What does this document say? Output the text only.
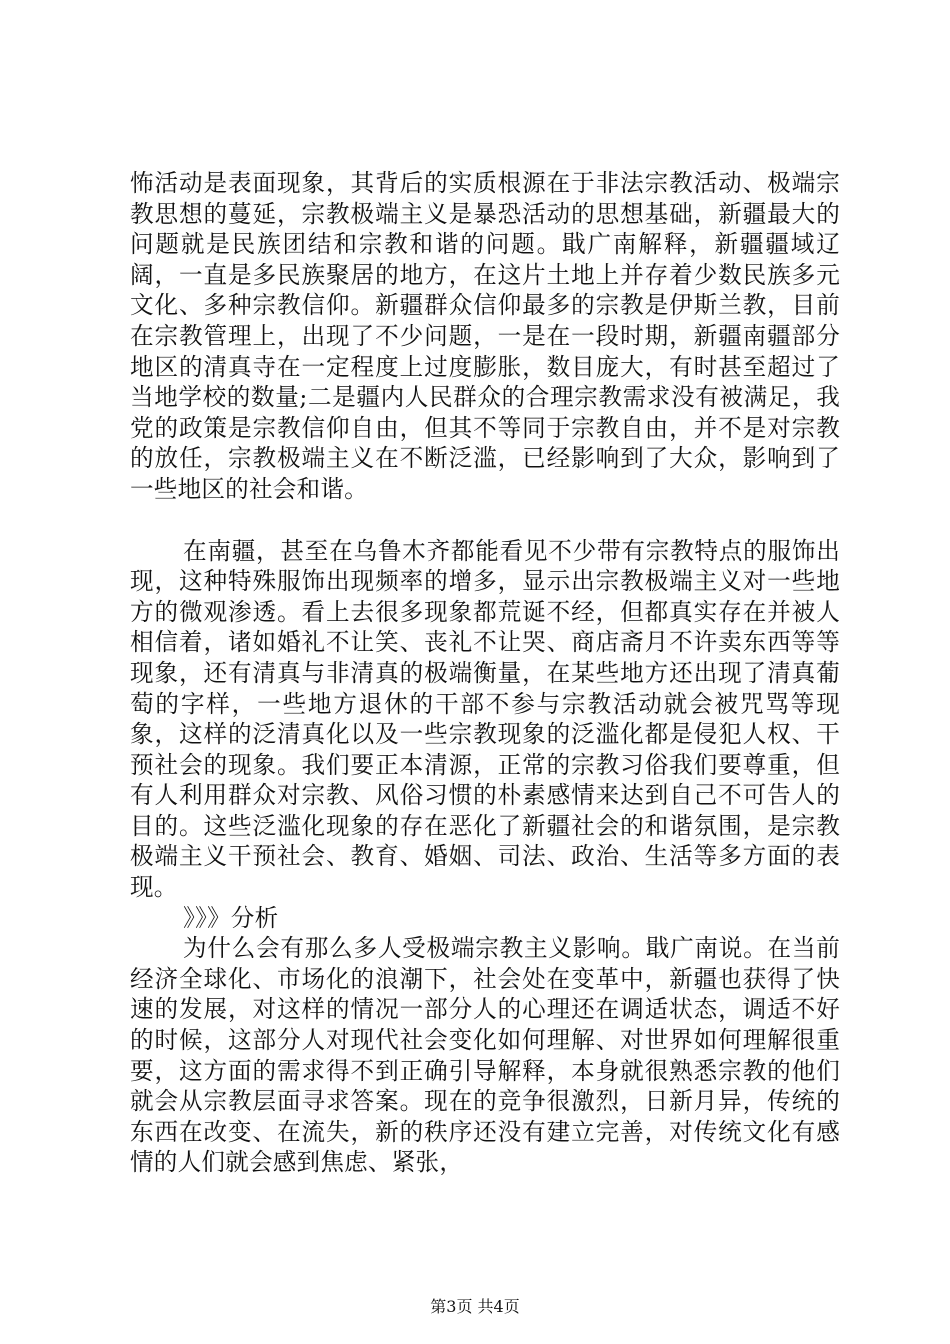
怖活动是表面现象，其背后的实质根源在于非法宗教活动、极端宗教思想的蔓延，宗教极端主义是暴恐活动的思想基础，新疆最大的问题就是民族团结和宗教和谐的问题。戢广南解释，新疆疆域辽阔，一直是多民族聚居的地方，在这片土地上并存着少数民族多元文化、多种宗教信仰。新疆群众信仰最多的宗教是伊斯兰教，目前在宗教管理上，出现了不少问题，一是在一段时期，新疆南疆部分地区的清真寺在一定程度上过度膨胀，数目庞大，有时甚至超过了当地学校的数量;二是疆内人民群众的合理宗教需求没有被满足，我党的政策是宗教信仰自由，但其不等同于宗教自由，并不是对宗教的放任，宗教极端主义在不断泛滥，已经影响到了大众，影响到了一些地区的社会和谐。

在南疆，甚至在乌鲁木齐都能看见不少带有宗教特点的服饰出现，这种特殊服饰出现频率的增多，显示出宗教极端主义对一些地方的微观渗透。看上去很多现象都荒诞不经，但都真实存在并被人相信着，诸如婚礼不让笑、丧礼不让哭、商店斋月不许卖东西等等现象，还有清真与非清真的极端衡量，在某些地方还出现了清真葡萄的字样，一些地方退休的干部不参与宗教活动就会被咒骂等现象，这样的泛清真化以及一些宗教现象的泛滥化都是侵犯人权、干预社会的现象。我们要正本清源，正常的宗教习俗我们要尊重，但有人利用群众对宗教、风俗习惯的朴素感情来达到自己不可告人的目的。这些泛滥化现象的存在恶化了新疆社会的和谐氛围，是宗教极端主义干预社会、教育、婚姻、司法、政治、生活等多方面的表现。

》》》分析

为什么会有那么多人受极端宗教主义影响。戢广南说。在当前经济全球化、市场化的浪潮下，社会处在变革中，新疆也获得了快速的发展，对这样的情况一部分人的心理还在调适状态，调适不好的时候，这部分人对现代社会变化如何理解、对世界如何理解很重要，这方面的需求得不到正确引导解释，本身就很熟悉宗教的他们就会从宗教层面寻求答案。现在的竞争很激烈，日新月异，传统的东西在改变、在流失，新的秩序还没有建立完善，对传统文化有感情的人们就会感到焦虑、紧张，

第3页 共4页
